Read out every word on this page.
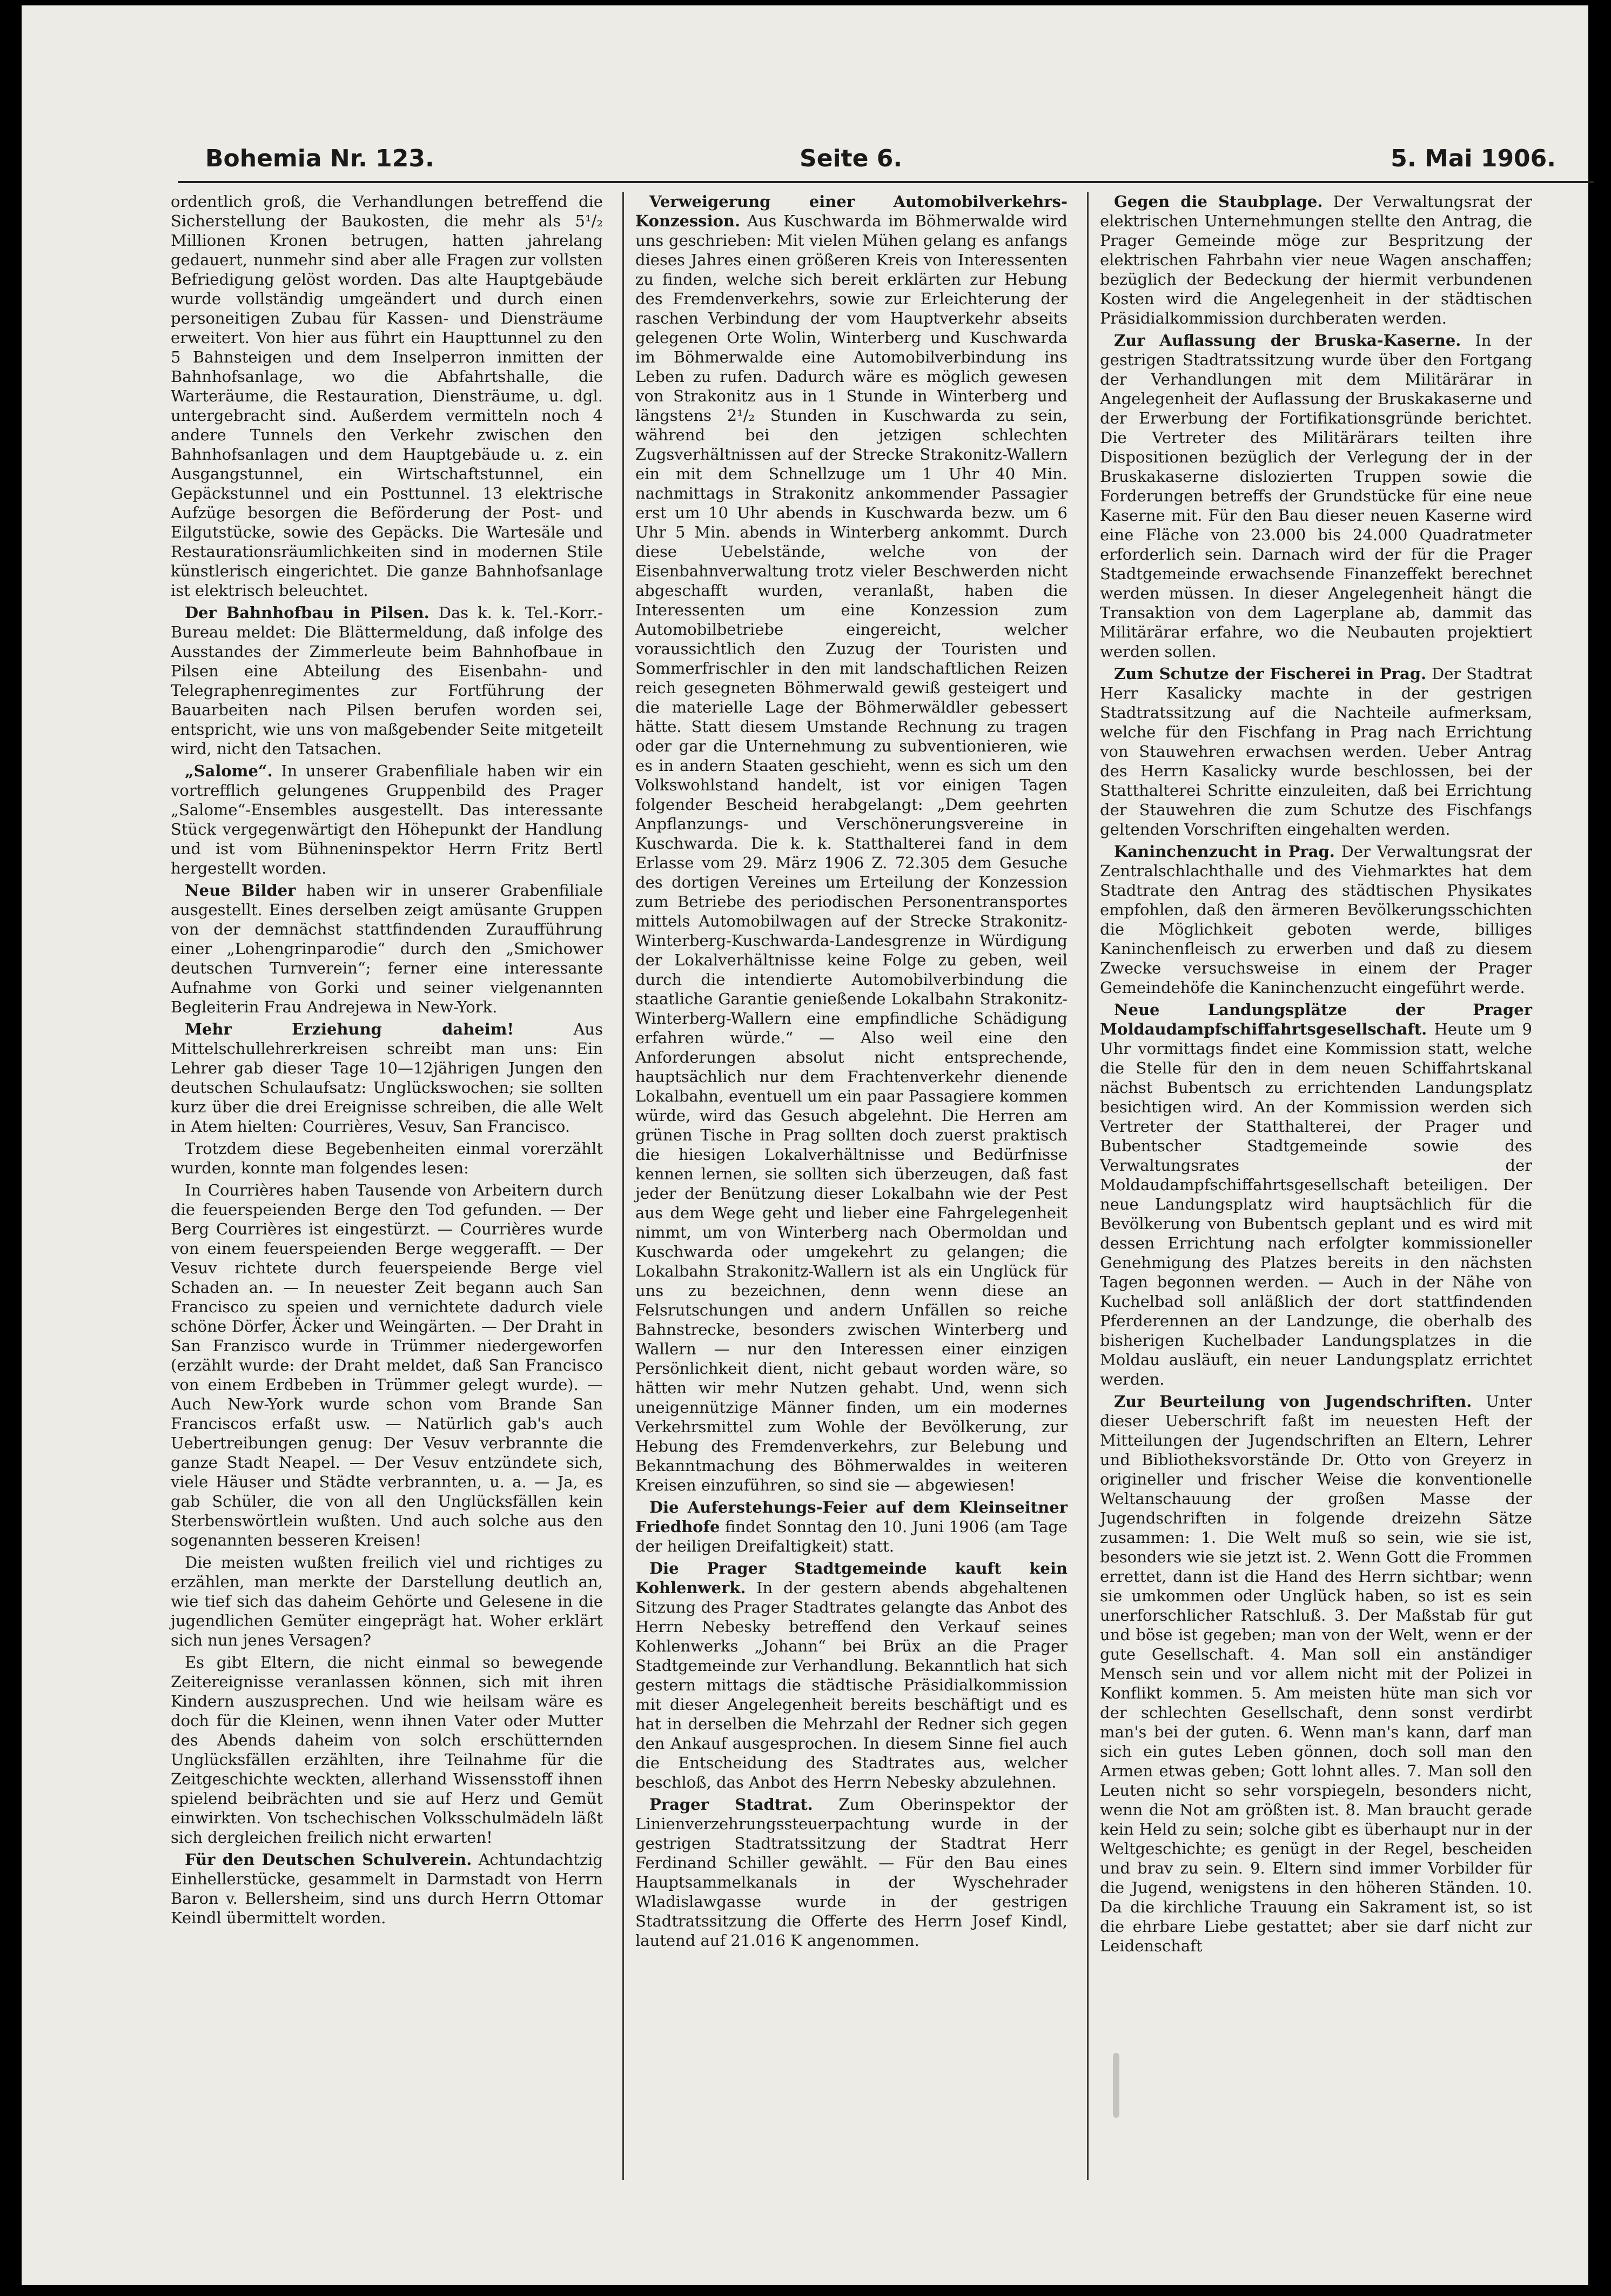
Bohemia Nr. 123.	Seite 6.	5. Mai 1906.

ordentlich groß, die Verhandlungen betreffend die Sicherstellung der Baukosten, die mehr als 5¹/₂ Millionen Kronen betrugen, hatten jahrelang gedauert, nunmehr sind aber alle Fragen zur vollsten Befriedigung gelöst worden. Das alte Hauptgebäude wurde vollständig umgeändert und durch einen personeitigen Zubau für Kassen- und Diensträume erweitert. Von hier aus führt ein Haupttunnel zu den 5 Bahnsteigen und dem Inselperron inmitten der Bahnhofsanlage, wo die Abfahrtshalle, die Warteräume, die Restauration, Diensträume, u. dgl. untergebracht sind. Außerdem vermitteln noch 4 andere Tunnels den Verkehr zwischen den Bahnhofsanlagen und dem Hauptgebäude u. z. ein Ausgangstunnel, ein Wirtschaftstunnel, ein Gepäckstunnel und ein Posttunnel. 13 elektrische Aufzüge besorgen die Beförderung der Post- und Eilgutstücke, sowie des Gepäcks. Die Wartesäle und Restaurationsräumlichkeiten sind in modernen Stile künstlerisch eingerichtet. Die ganze Bahnhofsanlage ist elektrisch beleuchtet.

Der Bahnhofbau in Pilsen. Das k. k. Tel.-Korr.-Bureau meldet: Die Blättermeldung, daß infolge des Ausstandes der Zimmerleute beim Bahnhofbaue in Pilsen eine Abteilung des Eisenbahn- und Telegraphenregimentes zur Fortführung der Bauarbeiten nach Pilsen berufen worden sei, entspricht, wie uns von maßgebender Seite mitgeteilt wird, nicht den Tatsachen.

„Salome“. In unserer Grabenfiliale haben wir ein vortrefflich gelungenes Gruppenbild des Prager „Salome“-Ensembles ausgestellt. Das interessante Stück vergegenwärtigt den Höhepunkt der Handlung und ist vom Bühneninspektor Herrn Fritz Bertl hergestellt worden.

Neue Bilder haben wir in unserer Grabenfiliale ausgestellt. Eines derselben zeigt amüsante Gruppen von der demnächst stattfindenden Zuraufführung einer „Lohengrinparodie“ durch den „Smichower deutschen Turnverein“; ferner eine interessante Aufnahme von Gorki und seiner vielgenannten Begleiterin Frau Andrejewa in New-York.

Mehr Erziehung daheim!	Aus Mittelschullehrerkreisen schreibt man uns: Ein Lehrer gab dieser Tage 10—12jährigen Jungen den deutschen Schulaufsatz: Unglückswochen; sie sollten kurz über die drei Ereignisse schreiben, die alle Welt in Atem hielten: Courrières, Vesuv, San Francisco.

Trotzdem diese Begebenheiten einmal vorerzählt wurden, konnte man folgendes lesen:

In Courrières haben Tausende von Arbeitern durch die feuerspeienden Berge den Tod gefunden. — Der Berg Courrières ist eingestürzt. — Courrières wurde von einem feuerspeienden Berge weggerafft. — Der Vesuv richtete durch feuerspeiende Berge viel Schaden an. — In neuester Zeit begann auch San Francisco zu speien und vernichtete dadurch viele schöne Dörfer, Äcker und Weingärten. — Der Draht in San Franzisco wurde in Trümmer niedergeworfen (erzählt wurde: der Draht meldet, daß San Francisco von einem Erdbeben in Trümmer gelegt wurde). — Auch New-York wurde schon vom Brande San Franciscos erfaßt usw. — Natürlich gab's auch Uebertreibungen genug: Der Vesuv verbrannte die ganze Stadt Neapel. — Der Vesuv entzündete sich, viele Häuser und Städte verbrannten, u. a. — Ja, es gab Schüler, die von all den Unglücksfällen kein Sterbenswörtlein wußten. Und auch solche aus den sogenannten besseren Kreisen!

Die meisten wußten freilich viel und richtiges zu erzählen, man merkte der Darstellung deutlich an, wie tief sich das daheim Gehörte und Gelesene in die jugendlichen Gemüter eingeprägt hat. Woher erklärt sich nun jenes Versagen?

Es gibt Eltern, die nicht einmal so bewegende Zeitereignisse veranlassen können, sich mit ihren Kindern auszusprechen. Und wie heilsam wäre es doch für die Kleinen, wenn ihnen Vater oder Mutter des Abends daheim von solch erschütternden Unglücksfällen erzählten, ihre Teilnahme für die Zeitgeschichte weckten, allerhand Wissensstoff ihnen spielend beibrächten und sie auf Herz und Gemüt einwirkten. Von tschechischen Volksschulmädeln läßt sich dergleichen freilich nicht erwarten!

Für den Deutschen Schulverein. Achtundachtzig Einhellerstücke, gesammelt in Darmstadt von Herrn Baron v. Bellersheim, sind uns durch Herrn Ottomar Keindl übermittelt worden.

Verweigerung einer Automobilverkehrs-Konzession. Aus Kuschwarda im Böhmerwalde wird uns geschrieben: Mit vielen Mühen gelang es anfangs dieses Jahres einen größeren Kreis von Interessenten zu finden, welche sich bereit erklärten zur Hebung des Fremdenverkehrs, sowie zur Erleichterung der raschen Verbindung der vom Hauptverkehr abseits gelegenen Orte Wolin, Winterberg und Kuschwarda im Böhmerwalde eine Automobilverbindung ins Leben zu rufen. Dadurch wäre es möglich gewesen von Strakonitz aus in 1 Stunde in Winterberg und längstens 2¹/₂ Stunden in Kuschwarda zu sein, während bei den jetzigen schlechten Zugsverhältnissen auf der Strecke Strakonitz-Wallern ein mit dem Schnellzuge um 1 Uhr 40 Min. nachmittags in Strakonitz ankommender Passagier erst um 10 Uhr abends in Kuschwarda bezw. um 6 Uhr 5 Min. abends in Winterberg ankommt. Durch diese Uebelstände, welche von der Eisenbahnverwaltung trotz vieler Beschwerden nicht abgeschafft wurden, veranlaßt, haben die Interessenten um eine Konzession zum Automobilbetriebe eingereicht, welcher voraussichtlich den Zuzug der Touristen und Sommerfrischler in den mit landschaftlichen Reizen reich gesegneten Böhmerwald gewiß gesteigert und die materielle Lage der Böhmerwäldler gebessert hätte. Statt diesem Umstande Rechnung zu tragen oder gar die Unternehmung zu subventionieren, wie es in andern Staaten geschieht, wenn es sich um den Volkswohlstand handelt, ist vor einigen Tagen folgender Bescheid herabgelangt: „Dem geehrten Anpflanzungs- und Verschönerungsvereine in Kuschwarda. Die k. k. Statthalterei fand in dem Erlasse vom 29. März 1906 Z. 72.305 dem Gesuche des dortigen Vereines um Erteilung der Konzession zum Betriebe des periodischen Personentransportes mittels Automobilwagen auf der Strecke Strakonitz-Winterberg-Kuschwarda-Landesgrenze in Würdigung der Lokalverhältnisse keine Folge zu geben, weil durch die intendierte Automobilverbindung die staatliche Garantie genießende Lokalbahn Strakonitz-Winterberg-Wallern eine empfindliche Schädigung erfahren würde.“ — Also weil eine den Anforderungen absolut nicht entsprechende, hauptsächlich nur dem Frachtenverkehr dienende Lokalbahn, eventuell um ein paar Passagiere kommen würde, wird das Gesuch abgelehnt. Die Herren am grünen Tische in Prag sollten doch zuerst praktisch die hiesigen Lokalverhältnisse und Bedürfnisse kennen lernen, sie sollten sich überzeugen, daß fast jeder der Benützung dieser Lokalbahn wie der Pest aus dem Wege geht und lieber eine Fahrgelegenheit nimmt, um von Winterberg nach Obermoldan und Kuschwarda oder umgekehrt zu gelangen; die Lokalbahn Strakonitz-Wallern ist als ein Unglück für uns zu bezeichnen, denn wenn diese an Felsrutschungen und andern Unfällen so reiche Bahnstrecke, besonders zwischen Winterberg und Wallern — nur den Interessen einer einzigen Persönlichkeit dient, nicht gebaut worden wäre, so hätten wir mehr Nutzen gehabt. Und, wenn sich uneigennützige Männer finden, um ein modernes Verkehrsmittel zum Wohle der Bevölkerung, zur Hebung des Fremdenverkehrs, zur Belebung und Bekanntmachung des Böhmerwaldes in weiteren Kreisen einzuführen, so sind sie — abgewiesen!

Die Auferstehungs-Feier auf dem Kleinseitner Friedhofe findet Sonntag den 10. Juni 1906 (am Tage der heiligen Dreifaltigkeit) statt.

Die Prager Stadtgemeinde kauft kein Kohlenwerk. In der gestern abends abgehaltenen Sitzung des Prager Stadtrates gelangte das Anbot des Herrn Nebesky betreffend den Verkauf seines Kohlenwerks „Johann“ bei Brüx an die Prager Stadtgemeinde zur Verhandlung. Bekanntlich hat sich gestern mittags die städtische Präsidialkommission mit dieser Angelegenheit bereits beschäftigt und es hat in derselben die Mehrzahl der Redner sich gegen den Ankauf ausgesprochen. In diesem Sinne fiel auch die Entscheidung des Stadtrates aus, welcher beschloß, das Anbot des Herrn Nebesky abzulehnen.

Prager Stadtrat. Zum Oberinspektor der Linienverzehrungssteuerpachtung wurde in der gestrigen Stadtratssitzung der Stadtrat Herr Ferdinand Schiller gewählt. — Für den Bau eines Hauptsammelkanals in der Wyschehrader Wladislawgasse wurde in der gestrigen Stadtratssitzung die Offerte des Herrn Josef Kindl, lautend auf 21.016 K angenommen.

Gegen die Staubplage. Der Verwaltungsrat der elektrischen Unternehmungen stellte den Antrag, die Prager Gemeinde möge zur Bespritzung der elektrischen Fahrbahn vier neue Wagen anschaffen; bezüglich der Bedeckung der hiermit verbundenen Kosten wird die Angelegenheit in der städtischen Präsidialkommission durchberaten werden.

Zur Auflassung der Bruska-Kaserne. In der gestrigen Stadtratssitzung wurde über den Fortgang der Verhandlungen mit dem Militärärar in Angelegenheit der Auflassung der Bruskakaserne und der Erwerbung der Fortifikationsgründe berichtet. Die Vertreter des Militärärars teilten ihre Dispositionen bezüglich der Verlegung der in der Bruskakaserne dislozierten Truppen sowie die Forderungen betreffs der Grundstücke für eine neue Kaserne mit. Für den Bau dieser neuen Kaserne wird eine Fläche von 23.000 bis 24.000 Quadratmeter erforderlich sein. Darnach wird der für die Prager Stadtgemeinde erwachsende Finanzeffekt berechnet werden müssen. In dieser Angelegenheit hängt die Transaktion von dem Lagerplane ab, dammit das Militärärar erfahre, wo die Neubauten projektiert werden sollen.

Zum Schutze der Fischerei in Prag. Der Stadtrat Herr Kasalicky machte in der gestrigen Stadtratssitzung auf die Nachteile aufmerksam, welche für den Fischfang in Prag nach Errichtung von Stauwehren erwachsen werden. Ueber Antrag des Herrn Kasalicky wurde beschlossen, bei der Statthalterei Schritte einzuleiten, daß bei Errichtung der Stauwehren die zum Schutze des Fischfangs geltenden Vorschriften eingehalten werden.

Kaninchenzucht in Prag. Der Verwaltungsrat der Zentralschlachthalle und des Viehmarktes hat dem Stadtrate den Antrag des städtischen Physikates empfohlen, daß den ärmeren Bevölkerungsschichten die Möglichkeit geboten werde, billiges Kaninchenfleisch zu erwerben und daß zu diesem Zwecke versuchsweise in einem der Prager Gemeindehöfe die Kaninchenzucht eingeführt werde.

Neue Landungsplätze der Prager Moldaudampfschiffahrtsgesellschaft. Heute um 9 Uhr vormittags findet eine Kommission statt, welche die Stelle für den in dem neuen Schiffahrtskanal nächst Bubentsch zu errichtenden Landungsplatz besichtigen wird. An der Kommission werden sich Vertreter der Statthalterei, der Prager und Bubentscher Stadtgemeinde sowie des Verwaltungsrates der Moldaudampfschiffahrtsgesellschaft beteiligen. Der neue Landungsplatz wird hauptsächlich für die Bevölkerung von Bubentsch geplant und es wird mit dessen Errichtung nach erfolgter kommissioneller Genehmigung des Platzes bereits in den nächsten Tagen begonnen werden. — Auch in der Nähe von Kuchelbad soll anläßlich der dort stattfindenden Pferderennen an der Landzunge, die oberhalb des bisherigen Kuchelbader Landungsplatzes in die Moldau ausläuft, ein neuer Landungsplatz errichtet werden.

Zur Beurteilung von Jugendschriften. Unter dieser Ueberschrift faßt im neuesten Heft der Mitteilungen der Jugendschriften an Eltern, Lehrer und Bibliotheksvorstände Dr. Otto von Greyerz in origineller und frischer Weise die konventionelle Weltanschauung der großen Masse der Jugendschriften in folgende dreizehn Sätze zusammen: 1. Die Welt muß so sein, wie sie ist, besonders wie sie jetzt ist. 2. Wenn Gott die Frommen errettet, dann ist die Hand des Herrn sichtbar; wenn sie umkommen oder Unglück haben, so ist es sein unerforschlicher Ratschluß. 3. Der Maßstab für gut und böse ist gegeben; man von der Welt, wenn er der gute Gesellschaft. 4. Man soll ein anständiger Mensch sein und vor allem nicht mit der Polizei in Konflikt kommen. 5. Am meisten hüte man sich vor der schlechten Gesellschaft, denn sonst verdirbt man's bei der guten. 6. Wenn man's kann, darf man sich ein gutes Leben gönnen, doch soll man den Armen etwas geben; Gott lohnt alles. 7. Man soll den Leuten nicht so sehr vorspiegeln, besonders nicht, wenn die Not am größten ist. 8. Man braucht gerade kein Held zu sein; solche gibt es überhaupt nur in der Weltgeschichte; es genügt in der Regel, bescheiden und brav zu sein. 9. Eltern sind immer Vorbilder für die Jugend, wenigstens in den höheren Ständen. 10. Da die kirchliche Trauung ein Sakrament ist, so ist die ehrbare Liebe gestattet; aber sie darf nicht zur Leidenschaft
